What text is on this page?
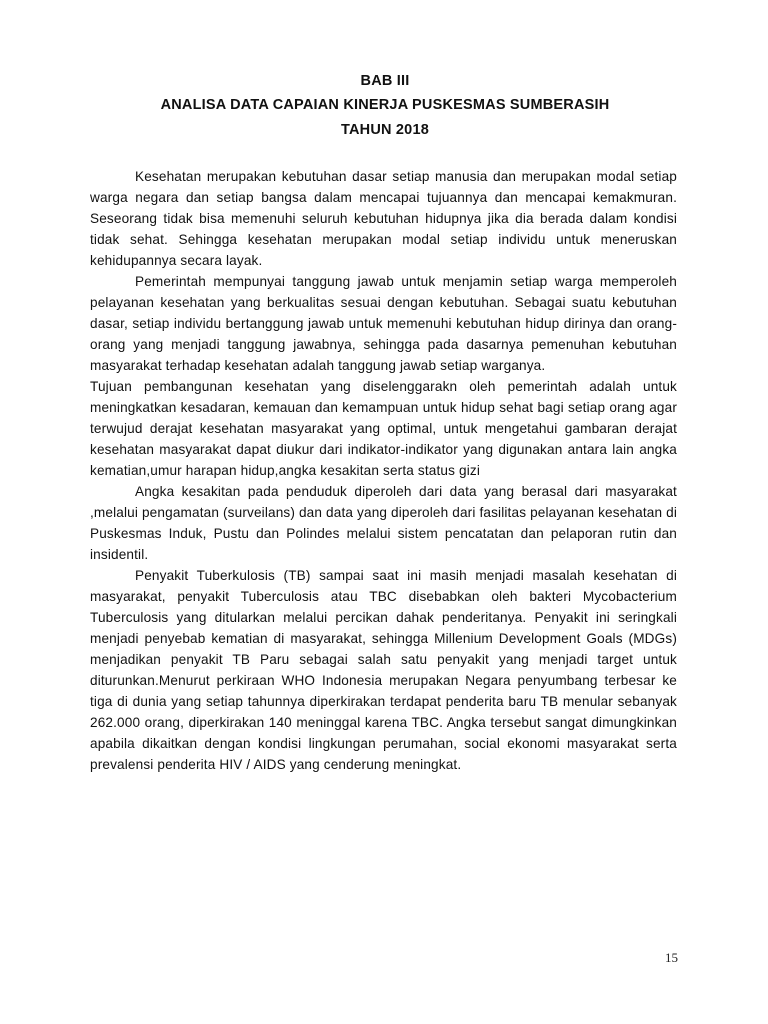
BAB III
ANALISA DATA CAPAIAN KINERJA PUSKESMAS SUMBERASIH
TAHUN 2018

Kesehatan merupakan kebutuhan dasar setiap manusia dan merupakan modal setiap warga negara dan setiap bangsa dalam mencapai tujuannya dan mencapai kemakmuran. Seseorang tidak bisa memenuhi seluruh kebutuhan hidupnya jika dia berada dalam kondisi tidak sehat. Sehingga kesehatan merupakan modal setiap individu untuk meneruskan kehidupannya secara layak.

Pemerintah mempunyai tanggung jawab untuk menjamin setiap warga memperoleh pelayanan kesehatan yang berkualitas sesuai dengan kebutuhan. Sebagai suatu kebutuhan dasar, setiap individu bertanggung jawab untuk memenuhi kebutuhan hidup dirinya dan orang-orang yang menjadi tanggung jawabnya, sehingga pada dasarnya pemenuhan kebutuhan masyarakat terhadap kesehatan adalah tanggung jawab setiap warganya.

Tujuan pembangunan kesehatan yang diselenggarakn oleh pemerintah adalah untuk meningkatkan kesadaran, kemauan dan kemampuan untuk hidup sehat bagi setiap orang agar terwujud derajat kesehatan masyarakat yang optimal, untuk mengetahui gambaran derajat kesehatan masyarakat dapat diukur dari indikator-indikator yang digunakan antara lain angka kematian,umur harapan hidup,angka kesakitan serta status gizi

Angka kesakitan pada penduduk diperoleh dari data yang berasal dari masyarakat ,melalui pengamatan (surveilans) dan data yang diperoleh dari fasilitas pelayanan kesehatan di Puskesmas Induk, Pustu dan Polindes melalui sistem pencatatan dan pelaporan rutin dan insidentil.

Penyakit Tuberkulosis (TB) sampai saat ini masih menjadi masalah kesehatan di masyarakat, penyakit Tuberculosis atau TBC disebabkan oleh bakteri Mycobacterium Tuberculosis yang ditularkan melalui percikan dahak penderitanya. Penyakit ini seringkali menjadi penyebab kematian di masyarakat, sehingga Millenium Development Goals (MDGs) menjadikan penyakit TB Paru sebagai salah satu penyakit yang menjadi target untuk diturunkan.Menurut perkiraan WHO Indonesia merupakan Negara penyumbang terbesar ke tiga di dunia yang setiap tahunnya diperkirakan terdapat penderita baru TB menular sebanyak 262.000 orang, diperkirakan 140 meninggal karena TBC. Angka tersebut sangat dimungkinkan apabila dikaitkan dengan kondisi lingkungan perumahan, social ekonomi masyarakat serta prevalensi penderita HIV / AIDS yang cenderung meningkat.

15
